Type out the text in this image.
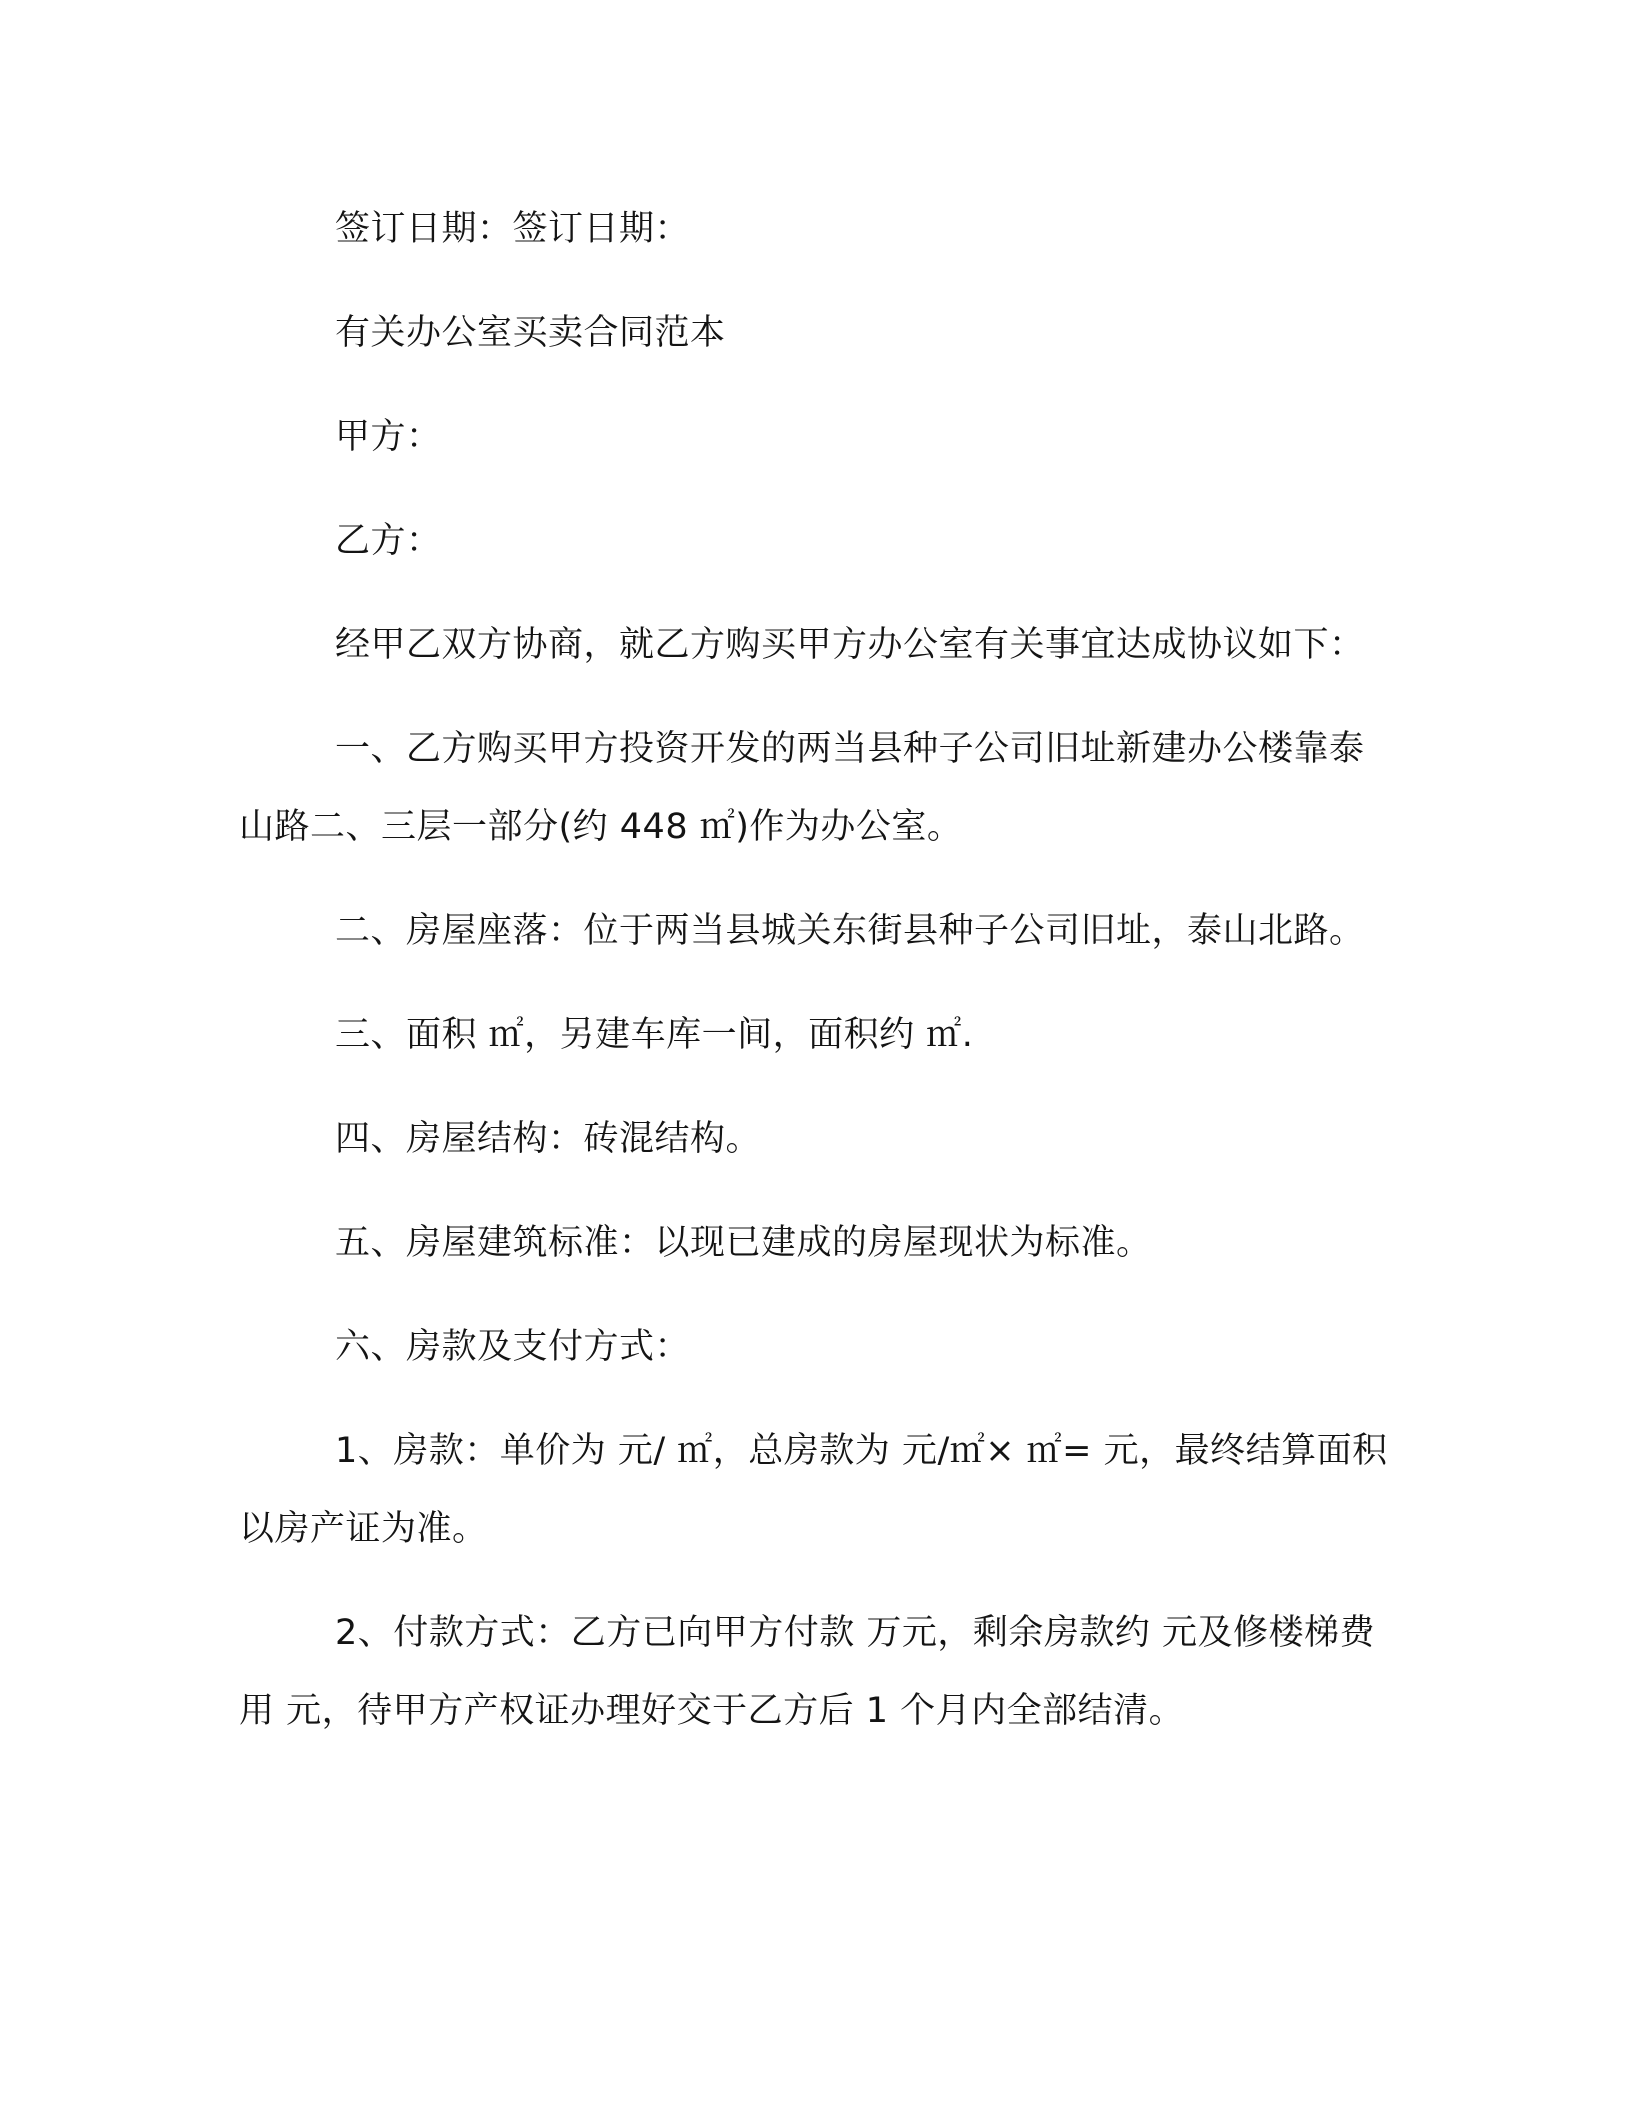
签订日期：签订日期：

有关办公室买卖合同范本

甲方：

乙方：

经甲乙双方协商，就乙方购买甲方办公室有关事宜达成协议如下：

一、乙方购买甲方投资开发的两当县种子公司旧址新建办公楼靠泰山路二、三层一部分(约 448 ㎡)作为办公室。

二、房屋座落：位于两当县城关东街县种子公司旧址，泰山北路。

三、面积 ㎡，另建车库一间，面积约 ㎡.

四、房屋结构：砖混结构。

五、房屋建筑标准：以现已建成的房屋现状为标准。

六、房款及支付方式：

1、房款：单价为 元/ ㎡，总房款为 元/㎡× ㎡= 元，最终结算面积以房产证为准。

2、付款方式：乙方已向甲方付款 万元，剩余房款约 元及修楼梯费用 元，待甲方产权证办理好交于乙方后 1 个月内全部结清。
